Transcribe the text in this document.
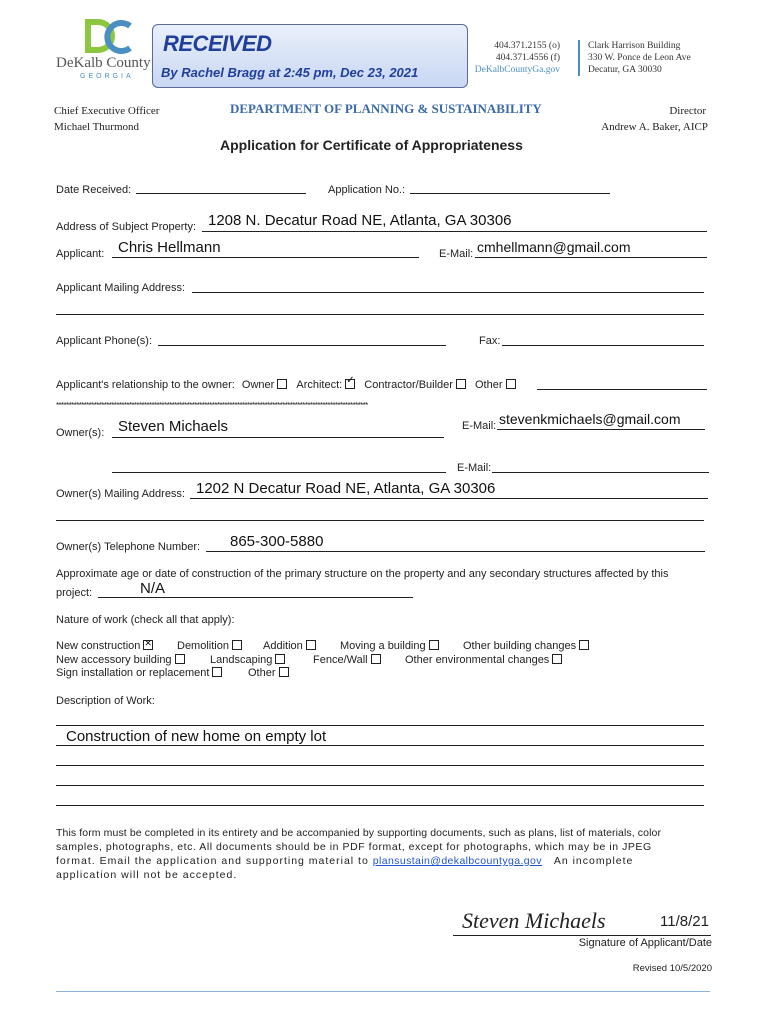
DeKalb County
GEORGIA
RECEIVED
By Rachel Bragg at 2:45 pm, Dec 23, 2021
404.371.2155 (o)
404.371.4556 (f)
DeKalbCountyGa.gov
Clark Harrison Building
330 W. Ponce de Leon Ave
Decatur, GA 30030
Chief Executive Officer
Michael Thurmond
DEPARTMENT OF PLANNING & SUSTAINABILITY	Director
Andrew A. Baker, AICP
Application for Certificate of Appropriateness
Date Received:	Application No.:
Address of Subject Property: 1208 N. Decatur Road NE, Atlanta, GA 30306
Applicant: Chris Hellmann	E-Mail: cmhellmann@gmail.com
Applicant Mailing Address:
Applicant Phone(s):	Fax:
Applicant's relationship to the owner: Owner Architect: ✓ Contractor/Builder Other
****************************************************************************************************************************
Owner(s): Steven Michaels	E-Mail: stevenkmichaels@gmail.com
E-Mail:
Owner(s) Mailing Address: 1202 N Decatur Road NE, Atlanta, GA 30306
Owner(s) Telephone Number: 865-300-5880
Approximate age or date of construction of the primary structure on the property and any secondary structures affected by this
project:	N/A
Nature of work (check all that apply):
New construction ✕	Demolition	Addition	Moving a building	Other building changes
New accessory building	Landscaping	Fence/Wall	Other environmental changes
Sign installation or replacement	Other
Description of Work:
Construction of new home on empty lot
This form must be completed in its entirety and be accompanied by supporting documents, such as plans, list of materials, color
samples, photographs, etc. All documents should be in PDF format, except for photographs, which may be in JPEG
format. Email the application and supporting material to plansustain@dekalbcountyga.gov An incomplete
application will not be accepted.
Steven Michaels	11/8/21
Signature of Applicant/Date
Revised 10/5/2020
